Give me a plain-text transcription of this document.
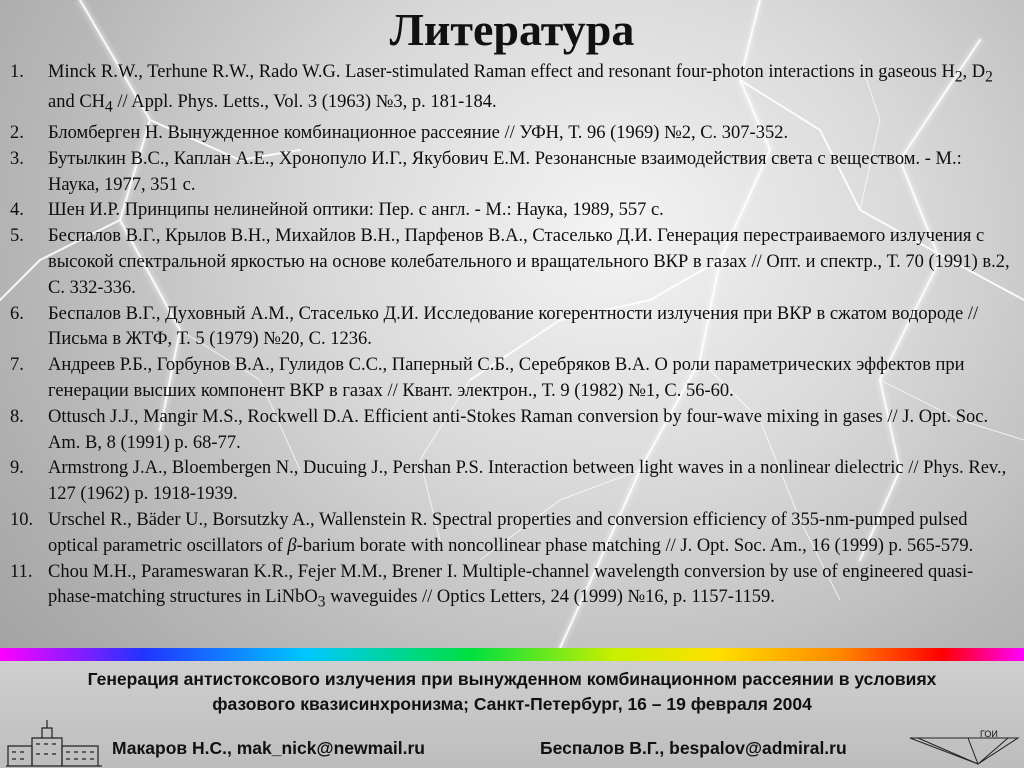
Литература
1.	Minck R.W., Terhune R.W., Rado W.G. Laser-stimulated Raman effect and resonant four-photon interactions in gaseous $H_2$, $D_2$ and $CH_4$ // Appl. Phys. Letts., Vol. 3 (1963) №3, p. 181-184.
2.	Бломберген Н. Вынужденное комбинационное рассеяние // УФН, Т. 96 (1969) №2, С. 307-352.
3.	Бутылкин В.С., Каплан А.Е., Хронопуло И.Г., Якубович Е.М. Резонансные взаимодействия света с веществом. - М.: Наука, 1977, 351 с.
4.	Шен И.Р. Принципы нелинейной оптики: Пер. с англ. - М.: Наука, 1989, 557 с.
5.	Беспалов В.Г., Крылов В.Н., Михайлов В.Н., Парфенов В.А., Стаселько Д.И. Генерация перестраиваемого излучения с высокой спектральной яркостью на основе колебательного и вращательного ВКР в газах // Опт. и спектр., Т. 70 (1991) в.2, С. 332-336.
6.	Беспалов В.Г., Духовный А.М., Стаселько Д.И. Исследование когерентности излучения при ВКР в сжатом водороде // Письма в ЖТФ, Т. 5 (1979) №20, С. 1236.
7.	Андреев Р.Б., Горбунов В.А., Гулидов С.С., Паперный С.Б., Серебряков В.А. О роли параметрических эффектов при генерации высших компонент ВКР в газах // Квант. электрон., Т. 9 (1982) №1, С. 56-60.
8.	Ottusch J.J., Mangir M.S., Rockwell D.A. Efficient anti-Stokes Raman conversion by four-wave mixing in gases // J. Opt. Soc. Am. B, 8 (1991) p. 68-77.
9.	Armstrong J.A., Bloembergen N., Ducuing J., Pershan P.S. Interaction between light waves in a nonlinear dielectric // Phys. Rev., 127 (1962) p. 1918-1939.
10. Urschel R., Bäder U., Borsutzky A., Wallenstein R. Spectral properties and conversion efficiency of 355-nm-pumped pulsed optical parametric oscillators of β-barium borate with noncollinear phase matching // J. Opt. Soc. Am., 16 (1999) p. 565-579.
11. Chou M.H., Parameswaran K.R., Fejer M.M., Brener I. Multiple-channel wavelength conversion by use of engineered quasi-phase-matching structures in LiNbO$_3$ waveguides // Optics Letters, 24 (1999) №16, p. 1157-1159.
Генерация антистоксового излучения при вынужденном комбинационном рассеянии в условиях
фазового квазисинхронизма; Санкт-Петербург, 16 – 19 февраля 2004
ГОИ
Макаров Н.С., mak_nick@newmail.ru	Беспалов В.Г., bespalov@admiral.ru
